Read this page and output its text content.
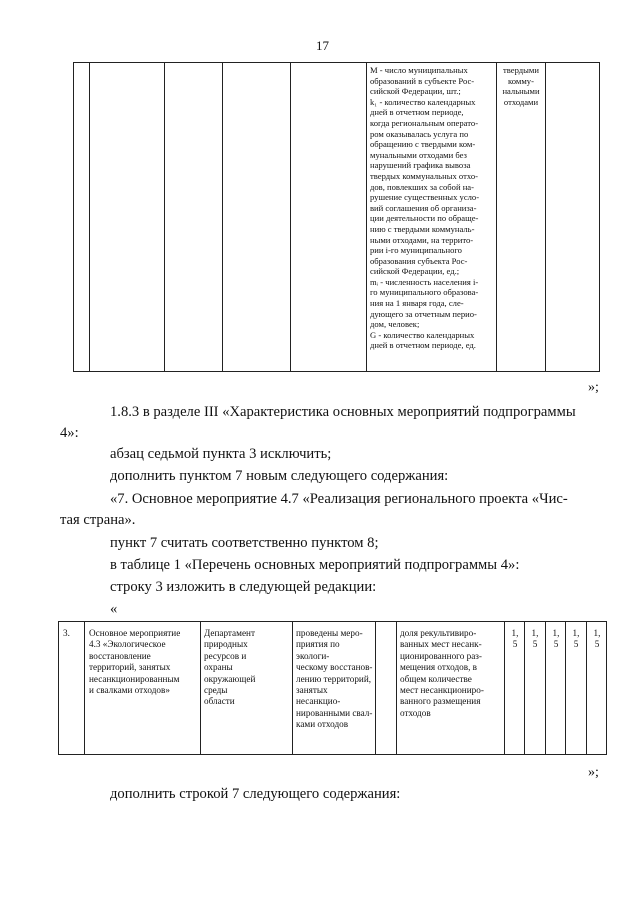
17
M - число муниципальных
образований в субъекте Рос-
сийской Федерации, шт.;
k₁ - количество календарных
дней в отчетном периоде,
когда региональным операто-
ром оказывалась услуга по
обращению с твердыми ком-
мунальными отходами без
нарушений графика вывоза
твердых коммунальных отхо-
дов, повлекших за собой на-
рушение существенных усло-
вий соглашения об организа-
ции деятельности по обраще-
нию с твердыми коммуналь-
ными отходами, на террито-
рии i-го муниципального
образования субъекта Рос-
сийской Федерации, ед.;
mᵢ - численность населения i-
го муниципального образова-
ния на 1 января года, сле-
дующего за отчетным перио-
дом, человек;
G - количество календарных
дней в отчетном периоде, ед.
твердыми
комму-
нальными
отходами
»;
1.8.3 в разделе III «Характеристика основных мероприятий подпрограммы
4»:
абзац седьмой пункта 3 исключить;
дополнить пунктом 7 новым следующего содержания:
«7. Основное мероприятие 4.7 «Реализация регионального проекта «Чис-
тая страна».
пункт 7 считать соответственно пунктом 8;
в таблице 1 «Перечень основных мероприятий подпрограммы 4»:
строку 3 изложить в следующей редакции:
«
3. Основное мероприятие
4.3 «Экологическое
восстановление
территорий, занятых
несанкционированным
и свалками отходов»
Департамент
природных
ресурсов и
охраны
окружающей
среды
области
проведены меро-
приятия по экологи-
ческому восстанов-
лению территорий,
занятых несанкцио-
нированными свал-
ками отходов
доля рекультивиро-
ванных мест несанк-
ционированного раз-
мещения отходов, в
общем количестве
мест несанкциониро-
ванного размещения
отходов
1,
5
1,
5
1,
5
1,
5
1,
5
»;
дополнить строкой 7 следующего содержания:
